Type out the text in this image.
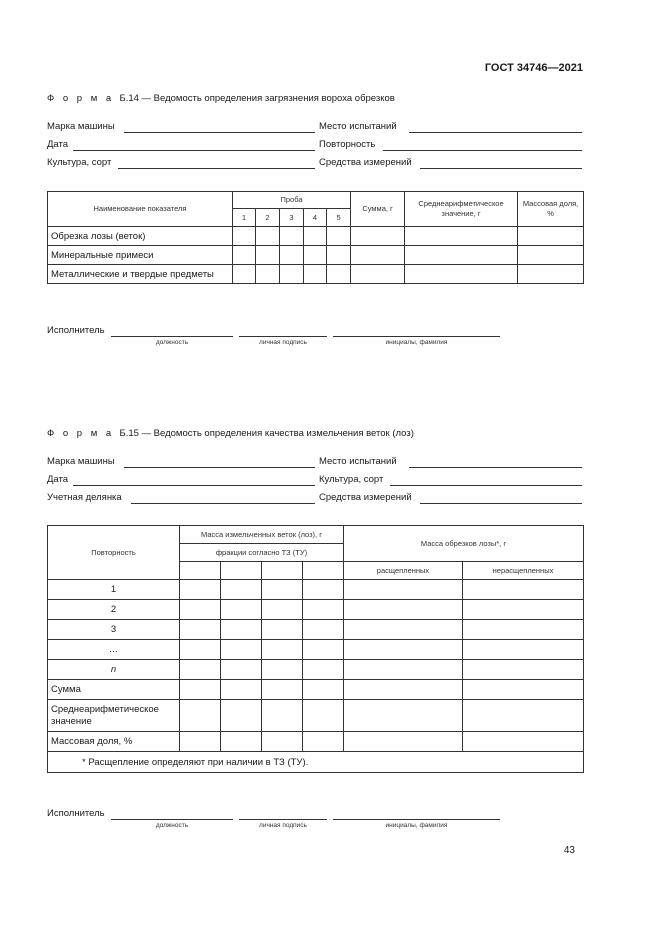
ГОСТ 34746—2021
Ф о р м а Б.14 — Ведомость определения загрязнения вороха обрезков
Марка машины	Место испытаний
Дата	Повторность
Культура, сорт	Средства измерений
Наименование показателя	Проба					Сумма, г	Среднеарифметическое значение, г	Массовая доля, %
	1	2	3	4	5			
Обрезка лозы (веток)								
Минеральные примеси								
Металлические и твердые предметы								
Исполнитель
должность	личная подпись	инициалы, фамилия
Ф о р м а Б.15 — Ведомость определения качества измельчения веток (лоз)
Марка машины	Место испытаний
Дата	Культура, сорт
Учетная делянка	Средства измерений
Повторность	Масса измельченных веток (лоз), г				Масса обрезков лозы*, г	
	фракции согласно ТЗ (ТУ)					
					расщепленных	нерасщепленных
1						
2						
3						
…						
n						
Сумма						
Среднеарифметическое значение						
Массовая доля, %						
* Расщепление определяют при наличии в ТЗ (ТУ).						
Исполнитель
должность	личная подпись	инициалы, фамилия
43
